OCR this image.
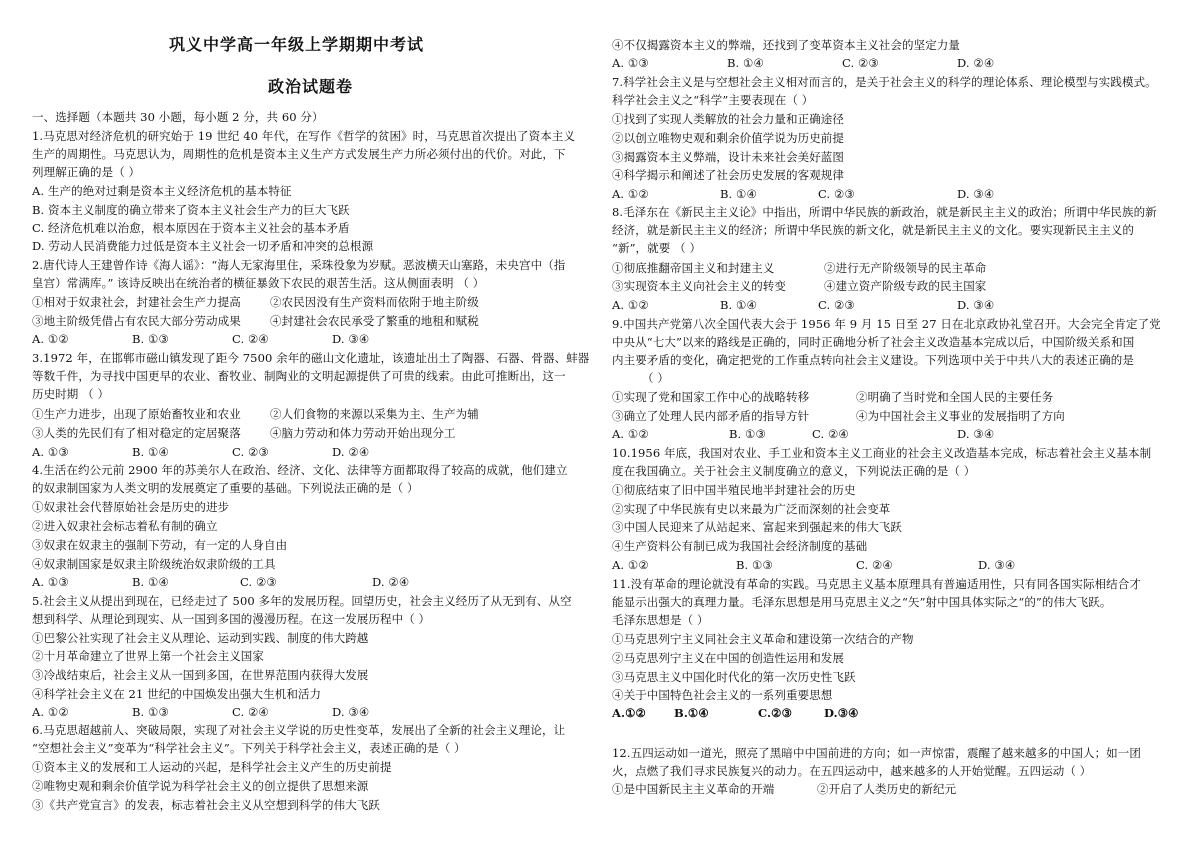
巩义中学高一年级上学期期中考试
政治试题卷
一、选择题（本题共 30 小题，每小题 2 分，共 60 分）
1.马克思对经济危机的研究始于 19 世纪 40 年代，在写作《哲学的贫困》时，马克思首次提出了资本主义
生产的周期性。马克思认为，周期性的危机是资本主义生产方式发展生产力所必须付出的代价。对此，下
列理解正确的是（ ）
A. 生产的绝对过剩是资本主义经济危机的基本特征
B. 资本主义制度的确立带来了资本主义社会生产力的巨大飞跃
C. 经济危机难以治愈，根本原因在于资本主义社会的基本矛盾
D. 劳动人民消费能力过低是资本主义社会一切矛盾和冲突的总根源
2.唐代诗人王建曾作诗《海人谣》：“海人无家海里住，采珠役象为岁赋。恶波横天山塞路，未央宫中（指
皇宫）常满库。” 该诗反映出在统治者的横征暴敛下农民的艰苦生活。这从侧面表明 （ ）
①相对于奴隶社会，封建社会生产力提高	②农民因没有生产资料而依附于地主阶级
③地主阶级凭借占有农民大部分劳动成果	④封建社会农民承受了繁重的地租和赋税
A. ①②	B. ①③	C. ②④	D. ③④
3.1972 年，在邯郸市磁山镇发现了距今 7500 余年的磁山文化遗址，该遗址出土了陶器、石器、骨器、蚌器
等数千件，为寻找中国更早的农业、畜牧业、制陶业的文明起源提供了可贵的线索。由此可推断出，这一
历史时期 （ ）
①生产力进步，出现了原始畜牧业和农业	②人们食物的来源以采集为主、生产为辅
③人类的先民们有了相对稳定的定居聚落	④脑力劳动和体力劳动开始出现分工
A. ①③	B. ①④	C. ②③	D. ②④
4.生活在约公元前 2900 年的苏美尔人在政治、经济、文化、法律等方面都取得了较高的成就，他们建立
的奴隶制国家为人类文明的发展奠定了重要的基础。下列说法正确的是（ ）
①奴隶社会代替原始社会是历史的进步
②进入奴隶社会标志着私有制的确立
③奴隶在奴隶主的强制下劳动，有一定的人身自由
④奴隶制国家是奴隶主阶级统治奴隶阶级的工具
A. ①③	B. ①④	C. ②③	D. ②④
5.社会主义从提出到现在，已经走过了 500 多年的发展历程。回望历史，社会主义经历了从无到有、从空
想到科学、从理论到现实、从一国到多国的漫漫历程。在这一发展历程中（ ）
①巴黎公社实现了社会主义从理论、运动到实践、制度的伟大跨越
②十月革命建立了世界上第一个社会主义国家
③冷战结束后，社会主义从一国到多国，在世界范围内获得大发展
④科学社会主义在 21 世纪的中国焕发出强大生机和活力
A. ①②	B. ①③	C. ②④	D. ③④
6.马克思超越前人、突破局限，实现了对社会主义学说的历史性变革，发展出了全新的社会主义理论，让
“空想社会主义”变革为“科学社会主义”。下列关于科学社会主义，表述正确的是（ ）
①资本主义的发展和工人运动的兴起，是科学社会主义产生的历史前提
②唯物史观和剩余价值学说为科学社会主义的创立提供了思想来源
③《共产党宣言》的发表，标志着社会主义从空想到科学的伟大飞跃
④不仅揭露资本主义的弊端，还找到了变革资本主义社会的坚定力量
A. ①③	B. ①④	C. ②③	D. ②④
7.科学社会主义是与空想社会主义相对而言的，是关于社会主义的科学的理论体系、理论模型与实践模式。
科学社会主义之“科学”主要表现在（ ）
①找到了实现人类解放的社会力量和正确途径
②以创立唯物史观和剩余价值学说为历史前提
③揭露资本主义弊端，设计未来社会美好蓝图
④科学揭示和阐述了社会历史发展的客观规律
A. ①②	B. ①④	C. ②③	D. ③④
8.毛泽东在《新民主主义论》中指出，所谓中华民族的新政治，就是新民主主义的政治；所谓中华民族的新
经济，就是新民主主义的经济；所谓中华民族的新文化，就是新民主主义的文化。要实现新民主主义的
“新”，就要 （ ）
①彻底推翻帝国主义和封建主义	②进行无产阶级领导的民主革命
③实现资本主义向社会主义的转变	④建立资产阶级专政的民主国家
A. ①②	B. ①④	C. ②③	D. ③④
9.中国共产党第八次全国代表大会于 1956 年 9 月 15 日至 27 日在北京政协礼堂召开。大会完全肯定了党
中央从“七大”以来的路线是正确的，同时正确地分析了社会主义改造基本完成以后，中国阶级关系和国
内主要矛盾的变化，确定把党的工作重点转向社会主义建设。下列选项中关于中共八大的表述正确的是
（ ）
①实现了党和国家工作中心的战略转移	②明确了当时党和全国人民的主要任务
③确立了处理人民内部矛盾的指导方针	④为中国社会主义事业的发展指明了方向
A. ①②	B. ①③	C. ②④	D. ③④
10.1956 年底，我国对农业、手工业和资本主义工商业的社会主义改造基本完成，标志着社会主义基本制
度在我国确立。关于社会主义制度确立的意义，下列说法正确的是（ ）
①彻底结束了旧中国半殖民地半封建社会的历史
②实现了中华民族有史以来最为广泛而深刻的社会变革
③中国人民迎来了从站起来、富起来到强起来的伟大飞跃
④生产资料公有制已成为我国社会经济制度的基础
A. ①②	B. ①③	C. ②④	D. ③④
11.没有革命的理论就没有革命的实践。马克思主义基本原理具有普遍适用性，只有同各国实际相结合才
能显示出强大的真理力量。毛泽东思想是用马克思主义之“矢”射中国具体实际之“的”的伟大飞跃。
毛泽东思想是（ ）
①马克思列宁主义同社会主义革命和建设第一次结合的产物
②马克思列宁主义在中国的创造性运用和发展
③马克思主义中国化时代化的第一次历史性飞跃
④关于中国特色社会主义的一系列重要思想
A.①② B.①④	C.②③	D.③④
12.五四运动如一道光，照亮了黑暗中中国前进的方向；如一声惊雷，震醒了越来越多的中国人；如一团
火，点燃了我们寻求民族复兴的动力。在五四运动中，越来越多的人开始觉醒。五四运动（ ）
①是中国新民主主义革命的开端	②开启了人类历史的新纪元
